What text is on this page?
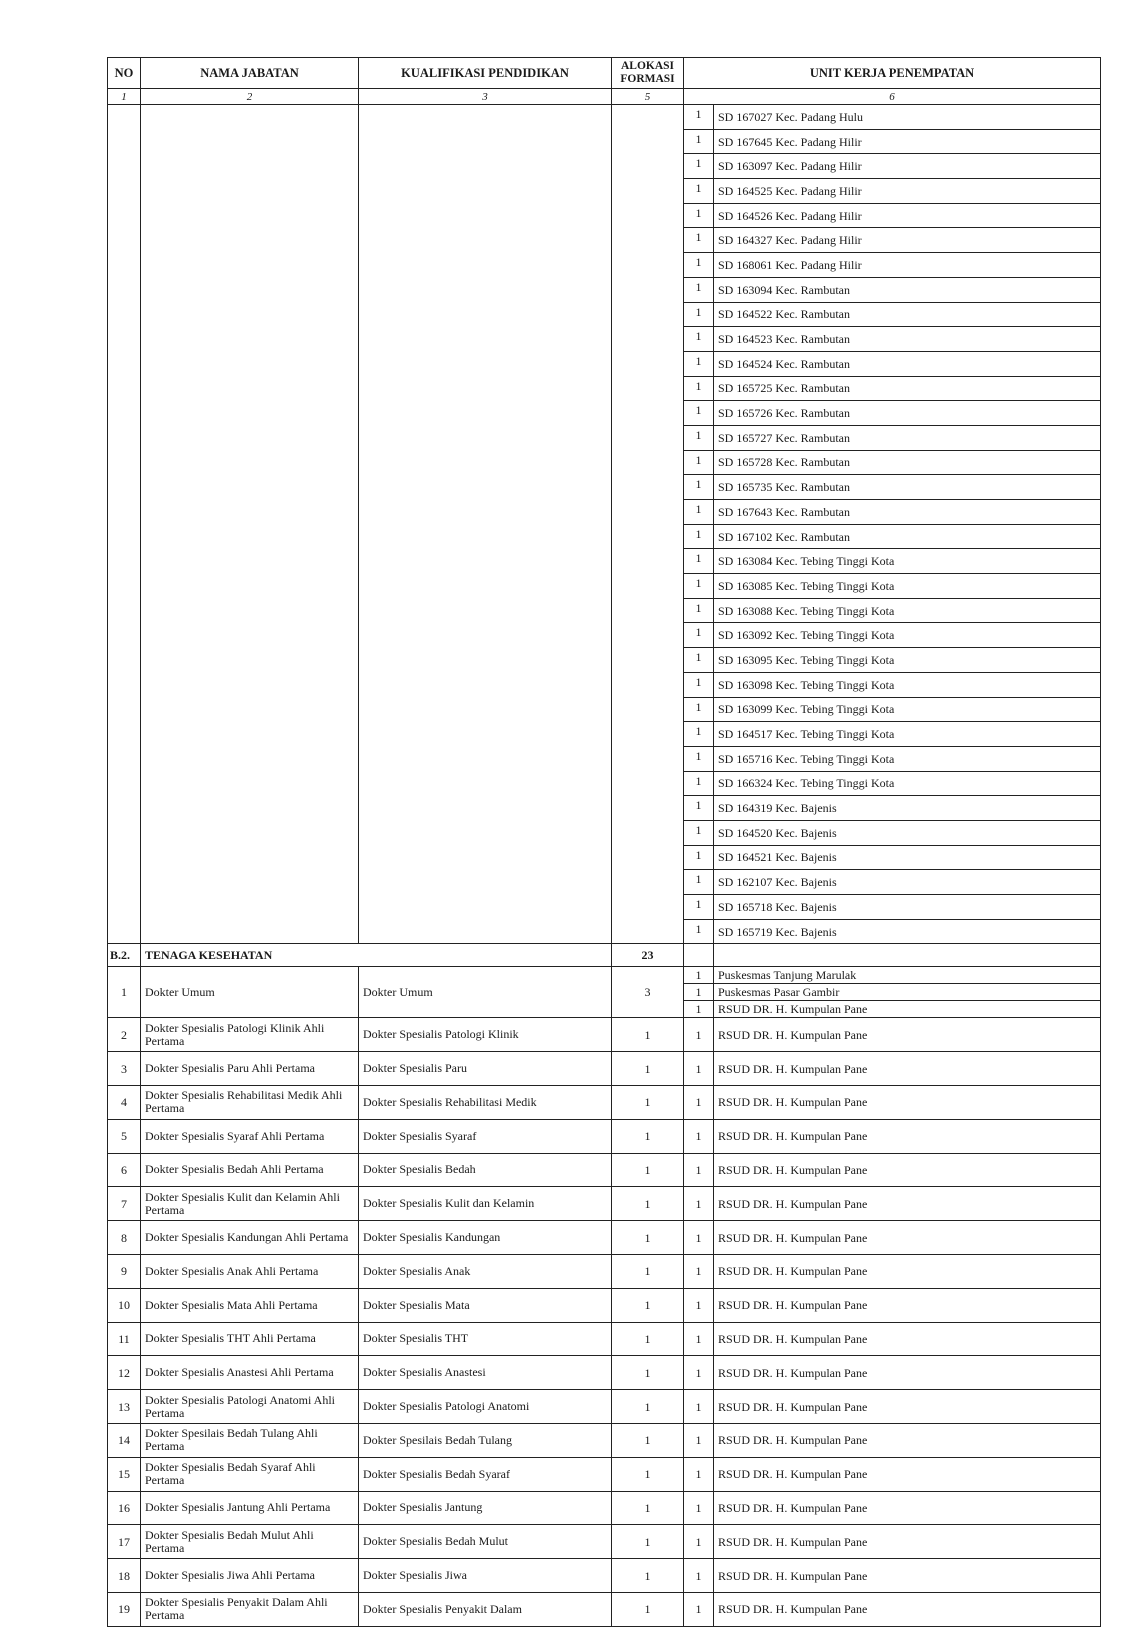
NO	NAMA JABATAN	KUALIFIKASI PENDIDIKAN	ALOKASI FORMASI	UNIT KERJA PENEMPATAN	
1	2	3	5	6	
				1	SD 167027 Kec. Padang Hulu
				1	SD 167645 Kec. Padang Hilir
				1	SD 163097 Kec. Padang Hilir
				1	SD 164525 Kec. Padang Hilir
				1	SD 164526 Kec. Padang Hilir
				1	SD 164327 Kec. Padang Hilir
				1	SD 168061 Kec. Padang Hilir
				1	SD 163094 Kec. Rambutan
				1	SD 164522 Kec. Rambutan
				1	SD 164523 Kec. Rambutan
				1	SD 164524 Kec. Rambutan
				1	SD 165725 Kec. Rambutan
				1	SD 165726 Kec. Rambutan
				1	SD 165727 Kec. Rambutan
				1	SD 165728 Kec. Rambutan
				1	SD 165735 Kec. Rambutan
				1	SD 167643 Kec. Rambutan
				1	SD 167102 Kec. Rambutan
				1	SD 163084 Kec. Tebing Tinggi Kota
				1	SD 163085 Kec. Tebing Tinggi Kota
				1	SD 163088 Kec. Tebing Tinggi Kota
				1	SD 163092 Kec. Tebing Tinggi Kota
				1	SD 163095 Kec. Tebing Tinggi Kota
				1	SD 163098 Kec. Tebing Tinggi Kota
				1	SD 163099 Kec. Tebing Tinggi Kota
				1	SD 164517 Kec. Tebing Tinggi Kota
				1	SD 165716 Kec. Tebing Tinggi Kota
				1	SD 166324 Kec. Tebing Tinggi Kota
				1	SD 164319 Kec. Bajenis
				1	SD 164520 Kec. Bajenis
				1	SD 164521 Kec. Bajenis
				1	SD 162107 Kec. Bajenis
				1	SD 165718 Kec. Bajenis
				1	SD 165719 Kec. Bajenis
B.2.	TENAGA KESEHATAN		23		
1	Dokter Umum	Dokter Umum	3	1	Puskesmas Tanjung Marulak
				1	Puskesmas Pasar Gambir
				1	RSUD DR. H. Kumpulan Pane
2	Dokter Spesialis Patologi Klinik Ahli Pertama	Dokter Spesialis Patologi Klinik	1	1	RSUD DR. H. Kumpulan Pane
3	Dokter Spesialis Paru Ahli Pertama	Dokter Spesialis Paru	1	1	RSUD DR. H. Kumpulan Pane
4	Dokter Spesialis Rehabilitasi Medik Ahli Pertama	Dokter Spesialis Rehabilitasi Medik	1	1	RSUD DR. H. Kumpulan Pane
5	Dokter Spesialis Syaraf Ahli Pertama	Dokter Spesialis Syaraf	1	1	RSUD DR. H. Kumpulan Pane
6	Dokter Spesialis Bedah Ahli Pertama	Dokter Spesialis Bedah	1	1	RSUD DR. H. Kumpulan Pane
7	Dokter Spesialis Kulit dan Kelamin Ahli Pertama	Dokter Spesialis Kulit dan Kelamin	1	1	RSUD DR. H. Kumpulan Pane
8	Dokter Spesialis Kandungan Ahli Pertama	Dokter Spesialis Kandungan	1	1	RSUD DR. H. Kumpulan Pane
9	Dokter Spesialis Anak Ahli Pertama	Dokter Spesialis Anak	1	1	RSUD DR. H. Kumpulan Pane
10	Dokter Spesialis Mata Ahli Pertama	Dokter Spesialis Mata	1	1	RSUD DR. H. Kumpulan Pane
11	Dokter Spesialis THT Ahli Pertama	Dokter Spesialis THT	1	1	RSUD DR. H. Kumpulan Pane
12	Dokter Spesialis Anastesi Ahli Pertama	Dokter Spesialis Anastesi	1	1	RSUD DR. H. Kumpulan Pane
13	Dokter Spesialis Patologi Anatomi Ahli Pertama	Dokter Spesialis Patologi Anatomi	1	1	RSUD DR. H. Kumpulan Pane
14	Dokter Spesilais Bedah Tulang Ahli Pertama	Dokter Spesilais Bedah Tulang	1	1	RSUD DR. H. Kumpulan Pane
15	Dokter Spesialis Bedah Syaraf Ahli Pertama	Dokter Spesialis Bedah Syaraf	1	1	RSUD DR. H. Kumpulan Pane
16	Dokter Spesialis Jantung Ahli Pertama	Dokter Spesialis Jantung	1	1	RSUD DR. H. Kumpulan Pane
17	Dokter Spesialis Bedah Mulut Ahli Pertama	Dokter Spesialis Bedah Mulut	1	1	RSUD DR. H. Kumpulan Pane
18	Dokter Spesialis Jiwa Ahli Pertama	Dokter Spesialis Jiwa	1	1	RSUD DR. H. Kumpulan Pane
19	Dokter Spesialis Penyakit Dalam Ahli Pertama	Dokter Spesialis Penyakit Dalam	1	1	RSUD DR. H. Kumpulan Pane
